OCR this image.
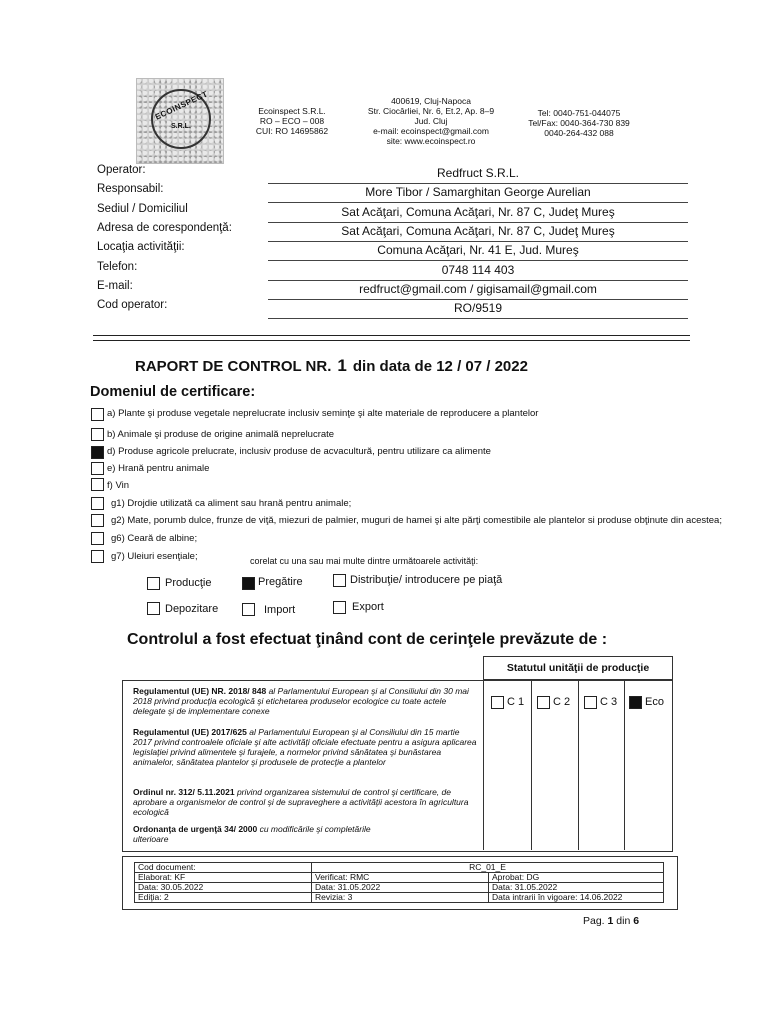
ECOINSPECT
S.R.L.
Ecoinspect S.R.L.
RO – ECO – 008
CUI: RO 14695862
400619, Cluj-Napoca
Str. Ciocârliei, Nr. 6, Et.2, Ap. 8–9
Jud. Cluj
e-mail: ecoinspect@gmail.com
site: www.ecoinspect.ro
Tel: 0040-751-044075
Tel/Fax: 0040-364-730 839
0040-264-432 088
Operator:	Redfruct S.R.L.
Responsabil:	More Tibor / Samarghitan George Aurelian
Sediul / Domiciliul	Sat Acăţari, Comuna Acăţari, Nr. 87 C, Judeţ Mureş
Adresa de corespondenţă:	Sat Acăţari, Comuna Acăţari, Nr. 87 C, Judeţ Mureş
Locaţia activităţii:	Comuna Acăţari, Nr. 41 E, Jud. Mureş
Telefon:	0748 114 403
E-mail:	redfruct@gmail.com / gigisamail@gmail.com
Cod operator:	RO/9519
RAPORT DE CONTROL NR. 1 din data de 12 / 07 / 2022
Domeniul de certificare:
a) Plante şi produse vegetale neprelucrate inclusiv seminţe şi alte materiale de reproducere a plantelor
b) Animale şi produse de origine animală neprelucrate
d) Produse agricole prelucrate, inclusiv produse de acvacultură, pentru utilizare ca alimente
e) Hrană pentru animale
f) Vin
g1) Drojdie utilizată ca aliment sau hrană pentru animale;
g2) Mate, porumb dulce, frunze de viţă, miezuri de palmier, muguri de hamei şi alte părţi comestibile ale plantelor si produse obţinute din acestea;
g6) Ceară de albine;
g7) Uleiuri esenţiale;	corelat cu una sau mai multe dintre următoarele activităţi:
Producţie	Pregătire	Distribuţie/ introducere pe piaţă
Depozitare	Import	Export
Controlul a fost efectuat ţinând cont de cerinţele prevăzute de :
Statutul unităţii de producţie
Regulamentul (UE) NR. 2018/ 848 al Parlamentului European şi al Consiliului din 30 mai 2018 privind producţia ecologică şi etichetarea produselor ecologice cu toate actele delegate şi de implementare conexe
Regulamentul (UE) 2017/625 al Parlamentului European şi al Consiliului din 15 martie 2017 privind controalele oficiale şi alte activităţi oficiale efectuate pentru a asigura aplicarea legislaţiei privind alimentele şi furajele, a normelor privind sănătatea şi bunăstarea animalelor, sănătatea plantelor şi produsele de protecţie a plantelor
Ordinul nr. 312/ 5.11.2021 privind organizarea sistemului de control şi certificare, de aprobare a organismelor de control şi de supraveghere a activităţii acestora în agricultura ecologică
Ordonanţa de urgenţă 34/ 2000 cu modificările şi completările ulterioare
C 1	C 2	C 3	Eco
Cod document:	RC_01_E	
Elaborat: KF	Verificat: RMC	Aprobat: DG
Data: 30.05.2022	Data: 31.05.2022	Data: 31.05.2022
Ediţia: 2	Revizia: 3	Data intrarii în vigoare: 14.06.2022
Pag. 1 din 6
